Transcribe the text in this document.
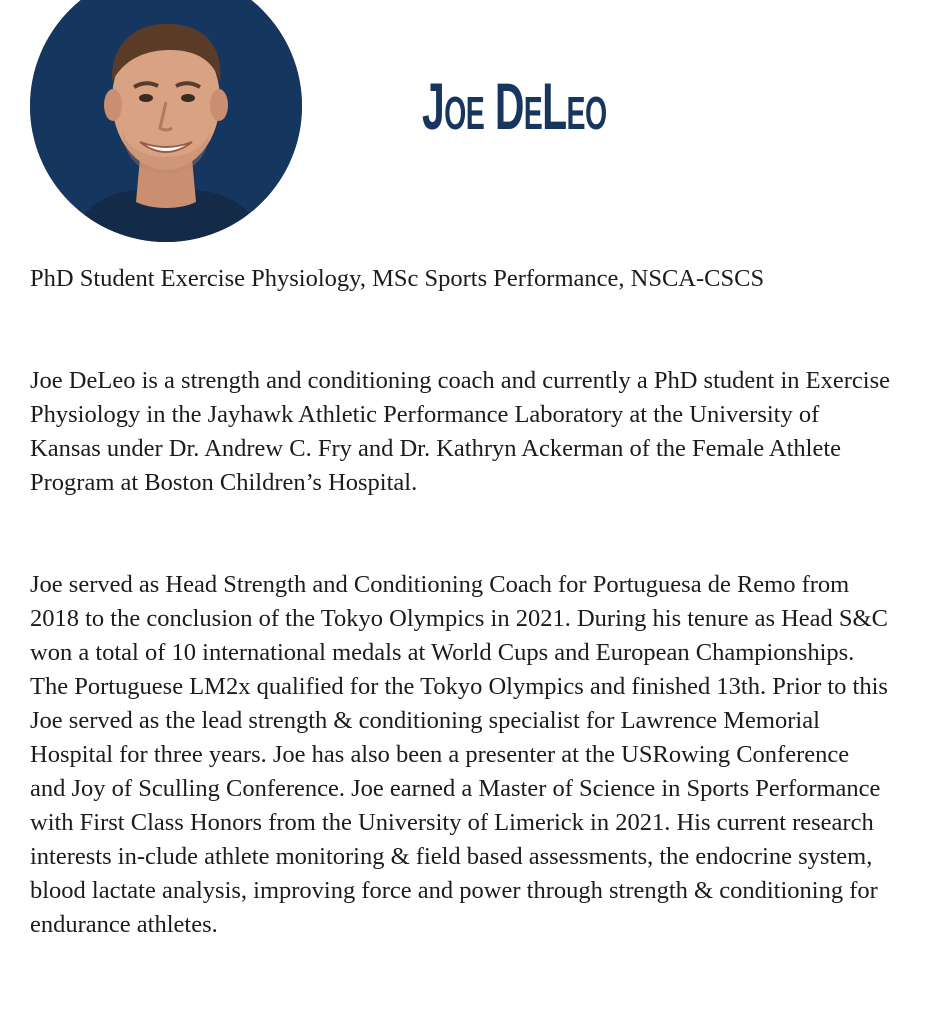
Joe DeLeo

PhD Student Exercise Physiology, MSc Sports Performance, NSCA-CSCS

Joe DeLeo is a strength and conditioning coach and currently a PhD student in Exercise Physiology in the Jayhawk Athletic Performance Laboratory at the University of Kansas under Dr. Andrew C. Fry and Dr. Kathryn Ackerman of the Female Athlete Program at Boston Children’s Hospital.

Joe served as Head Strength and Conditioning Coach for Portuguesa de Remo from 2018 to the conclusion of the Tokyo Olympics in 2021. During his tenure as Head S&C won a total of 10 international medals at World Cups and European Championships. The Portuguese LM2x qualified for the Tokyo Olympics and finished 13th. Prior to this Joe served as the lead strength & conditioning specialist for Lawrence Memorial Hospital for three years. Joe has also been a presenter at the USRowing Conference and Joy of Sculling Conference. Joe earned a Master of Science in Sports Performance with First Class Honors from the University of Limerick in 2021. His current research interests in-clude athlete monitoring & field based assessments, the endocrine system, blood lactate analysis, improving force and power through strength & conditioning for endurance athletes.
